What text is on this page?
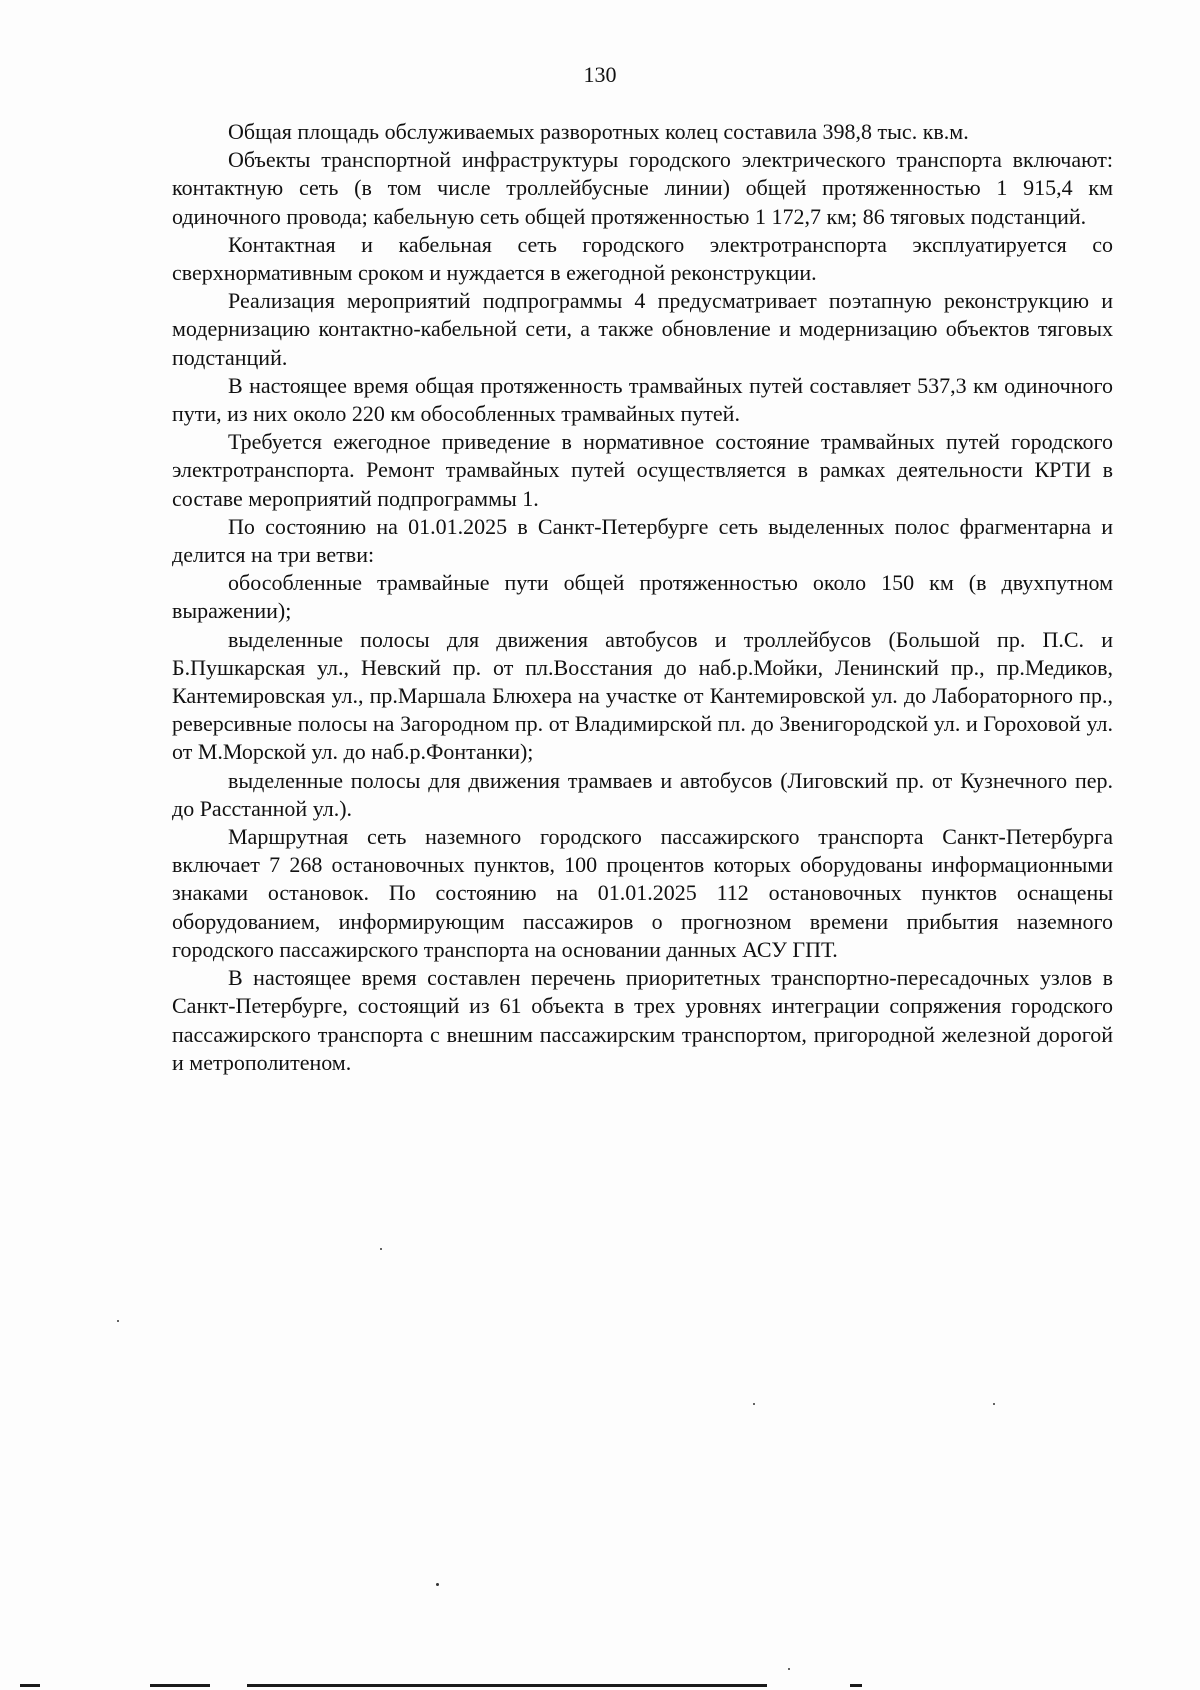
130

Общая площадь обслуживаемых разворотных колец составила 398,8 тыс. кв.м.

Объекты транспортной инфраструктуры городского электрического транспорта включают: контактную сеть (в том числе троллейбусные линии) общей протяженностью 1 915,4 км одиночного провода; кабельную сеть общей протяженностью 1 172,7 км; 86 тяговых подстанций.

Контактная и кабельная сеть городского электротранспорта эксплуатируется со сверхнормативным сроком и нуждается в ежегодной реконструкции.

Реализация мероприятий подпрограммы 4 предусматривает поэтапную реконструкцию и модернизацию контактно-кабельной сети, а также обновление и модернизацию объектов тяговых подстанций.

В настоящее время общая протяженность трамвайных путей составляет 537,3 км одиночного пути, из них около 220 км обособленных трамвайных путей.

Требуется ежегодное приведение в нормативное состояние трамвайных путей городского электротранспорта. Ремонт трамвайных путей осуществляется в рамках деятельности КРТИ в составе мероприятий подпрограммы 1.

По состоянию на 01.01.2025 в Санкт-Петербурге сеть выделенных полос фрагментарна и делится на три ветви:

обособленные трамвайные пути общей протяженностью около 150 км (в двухпутном выражении);

выделенные полосы для движения автобусов и троллейбусов (Большой пр. П.С. и Б.Пушкарская ул., Невский пр. от пл.Восстания до наб.р.Мойки, Ленинский пр., пр.Медиков, Кантемировская ул., пр.Маршала Блюхера на участке от Кантемировской ул. до Лабораторного пр., реверсивные полосы на Загородном пр. от Владимирской пл. до Звенигородской ул. и Гороховой ул. от М.Морской ул. до наб.р.Фонтанки);

выделенные полосы для движения трамваев и автобусов (Лиговский пр. от Кузнечного пер. до Расстанной ул.).

Маршрутная сеть наземного городского пассажирского транспорта Санкт-Петербурга включает 7 268 остановочных пунктов, 100 процентов которых оборудованы информационными знаками остановок. По состоянию на 01.01.2025 112 остановочных пунктов оснащены оборудованием, информирующим пассажиров о прогнозном времени прибытия наземного городского пассажирского транспорта на основании данных АСУ ГПТ.

В настоящее время составлен перечень приоритетных транспортно-пересадочных узлов в Санкт-Петербурге, состоящий из 61 объекта в трех уровнях интеграции сопряжения городского пассажирского транспорта с внешним пассажирским транспортом, пригородной железной дорогой и метрополитеном.
